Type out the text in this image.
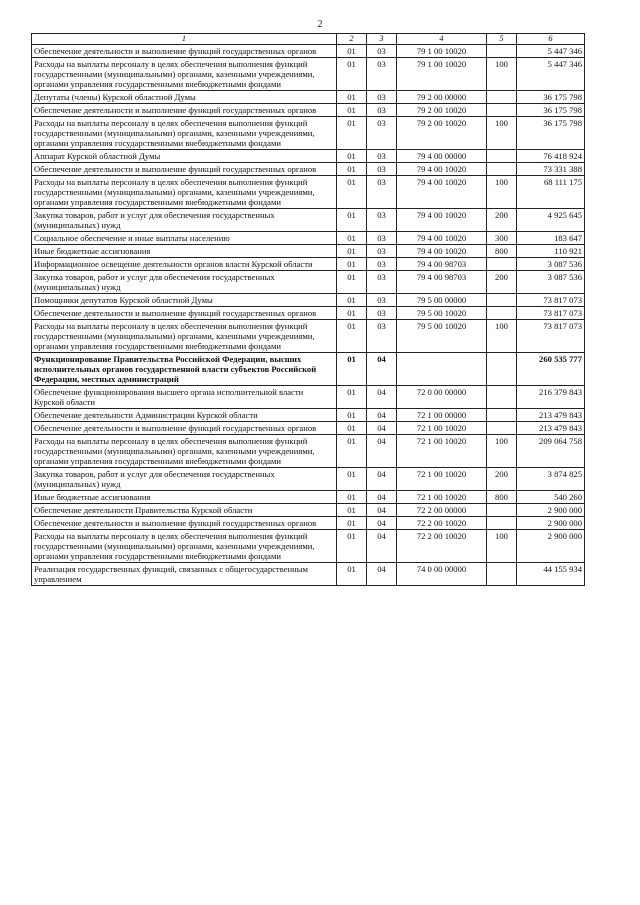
2
1	2	3	4	5	6
Обеспечение деятельности и выполнение функций государственных органов	01	03	79 1 00 10020		5 447 346
Расходы на выплаты персоналу в целях обеспечения выполнения функций государственными (муниципальными) органами, казенными учреждениями, органами управления государственными внебюджетными фондами	01	03	79 1 00 10020	100	5 447 346
Депутаты (члены) Курской областной Думы	01	03	79 2 00 00000		36 175 798
Обеспечение деятельности и выполнение функций государственных органов	01	03	79 2 00 10020		36 175 798
Расходы на выплаты персоналу в целях обеспечения выполнения функций государственными (муниципальными) органами, казенными учреждениями, органами управления государственными внебюджетными фондами	01	03	79 2 00 10020	100	36 175 798
Аппарат Курской областной Думы	01	03	79 4 00 00000		76 418 924
Обеспечение деятельности и выполнение функций государственных органов	01	03	79 4 00 10020		73 331 388
Расходы на выплаты персоналу в целях обеспечения выполнения функций государственными (муниципальными) органами, казенными учреждениями, органами управления государственными внебюджетными фондами	01	03	79 4 00 10020	100	68 111 175
Закупка товаров, работ и услуг для обеспечения государственных (муниципальных) нужд	01	03	79 4 00 10020	200	4 925 645
Социальное обеспечение и иные выплаты населению	01	03	79 4 00 10020	300	183 647
Иные бюджетные ассигнования	01	03	79 4 00 10020	800	110 921
Информационное освещение деятельности органов власти Курской области	01	03	79 4 00 98703		3 087 536
Закупка товаров, работ и услуг для обеспечения государственных (муниципальных) нужд	01	03	79 4 00 98703	200	3 087 536
Помощники депутатов Курской областной Думы	01	03	79 5 00 00000		73 817 073
Обеспечение деятельности и выполнение функций государственных органов	01	03	79 5 00 10020		73 817 073
Расходы на выплаты персоналу в целях обеспечения выполнения функций государственными (муниципальными) органами, казенными учреждениями, органами управления государственными внебюджетными фондами	01	03	79 5 00 10020	100	73 817 073
Функционирование Правительства Российской Федерации, высших исполнительных органов государственной власти субъектов Российской Федерации, местных администраций	01	04			260 535 777
Обеспечение функционирования высшего органа исполнительной власти Курской области	01	04	72 0 00 00000		216 379 843
Обеспечение деятельности Администрации Курской области	01	04	72 1 00 00000		213 479 843
Обеспечение деятельности и выполнение функций государственных органов	01	04	72 1 00 10020		213 479 843
Расходы на выплаты персоналу в целях обеспечения выполнения функций государственными (муниципальными) органами, казенными учреждениями, органами управления государственными внебюджетными фондами	01	04	72 1 00 10020	100	209 064 758
Закупка товаров, работ и услуг для обеспечения государственных (муниципальных) нужд	01	04	72 1 00 10020	200	3 874 825
Иные бюджетные ассигнования	01	04	72 1 00 10020	800	540 260
Обеспечение деятельности Правительства Курской области	01	04	72 2 00 00000		2 900 000
Обеспечение деятельности и выполнение функций государственных органов	01	04	72 2 00 10020		2 900 000
Расходы на выплаты персоналу в целях обеспечения выполнения функций государственными (муниципальными) органами, казенными учреждениями, органами управления государственными внебюджетными фондами	01	04	72 2 00 10020	100	2 900 000
Реализация государственных функций, связанных с общегосударственным управлением	01	04	74 0 00 00000		44 155 934
